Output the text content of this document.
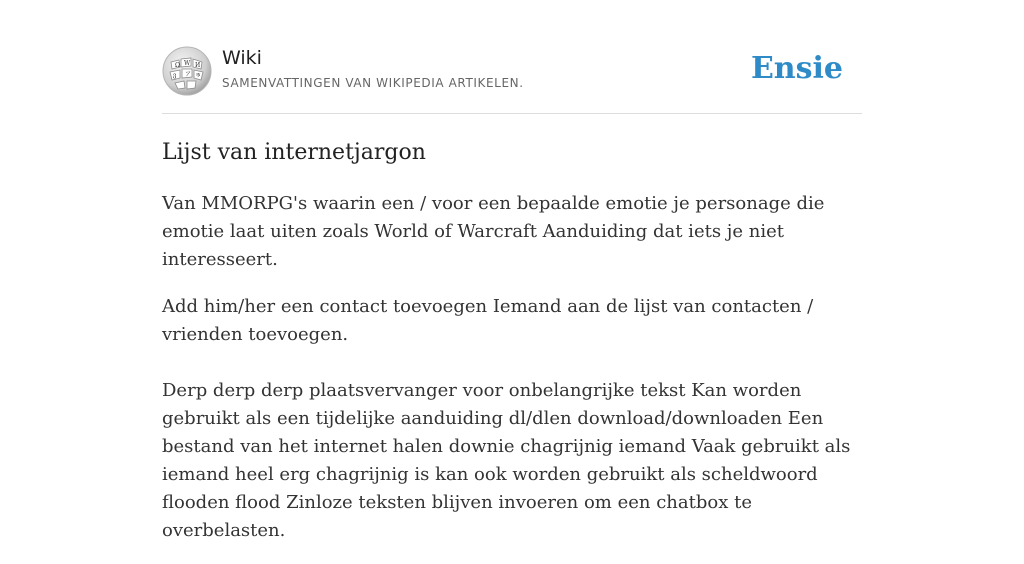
Ω W И
ვ ア ক
Wiki
SAMENVATTINGEN VAN WIKIPEDIA ARTIKELEN.	Ensie
Lijst van internetjargon

Van MMORPG's waarin een / voor een bepaalde emotie je personage die emotie laat uiten zoals World of Warcraft Aanduiding dat iets je niet interesseert.

Add him/her een contact toevoegen Iemand aan de lijst van contacten / vrienden toevoegen.

Derp derp derp plaatsvervanger voor onbelangrijke tekst Kan worden gebruikt als een tijdelijke aanduiding dl/dlen download/downloaden Een bestand van het internet halen downie chagrijnig iemand Vaak gebruikt als iemand heel erg chagrijnig is kan ook worden gebruikt als scheldwoord flooden flood Zinloze teksten blijven invoeren om een chatbox te overbelasten.
